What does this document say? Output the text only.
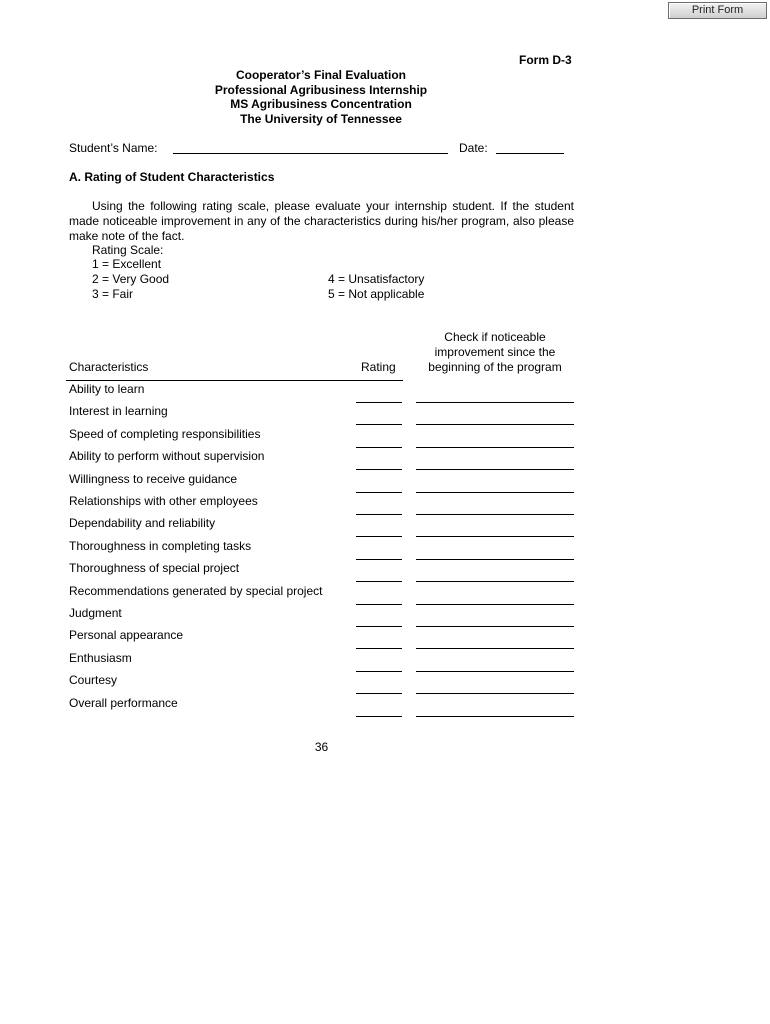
Print Form
Form D-3
Cooperator’s Final Evaluation
Professional Agribusiness Internship
MS Agribusiness Concentration
The University of Tennessee
Student’s Name:	Date:
A. Rating of Student Characteristics
Using the following rating scale, please evaluate your internship student. If the student made noticeable improvement in any of the characteristics during his/her program, also please make note of the fact.
Rating Scale:
1 = Excellent
2 = Very Good
3 = Fair
4 = Unsatisfactory
5 = Not applicable
Check if noticeable
improvement since the
beginning of the program
Characteristics	Rating
Ability to learn
Interest in learning
Speed of completing responsibilities
Ability to perform without supervision
Willingness to receive guidance
Relationships with other employees
Dependability and reliability
Thoroughness in completing tasks
Thoroughness of special project
Recommendations generated by special project
Judgment
Personal appearance
Enthusiasm
Courtesy
Overall performance
36
